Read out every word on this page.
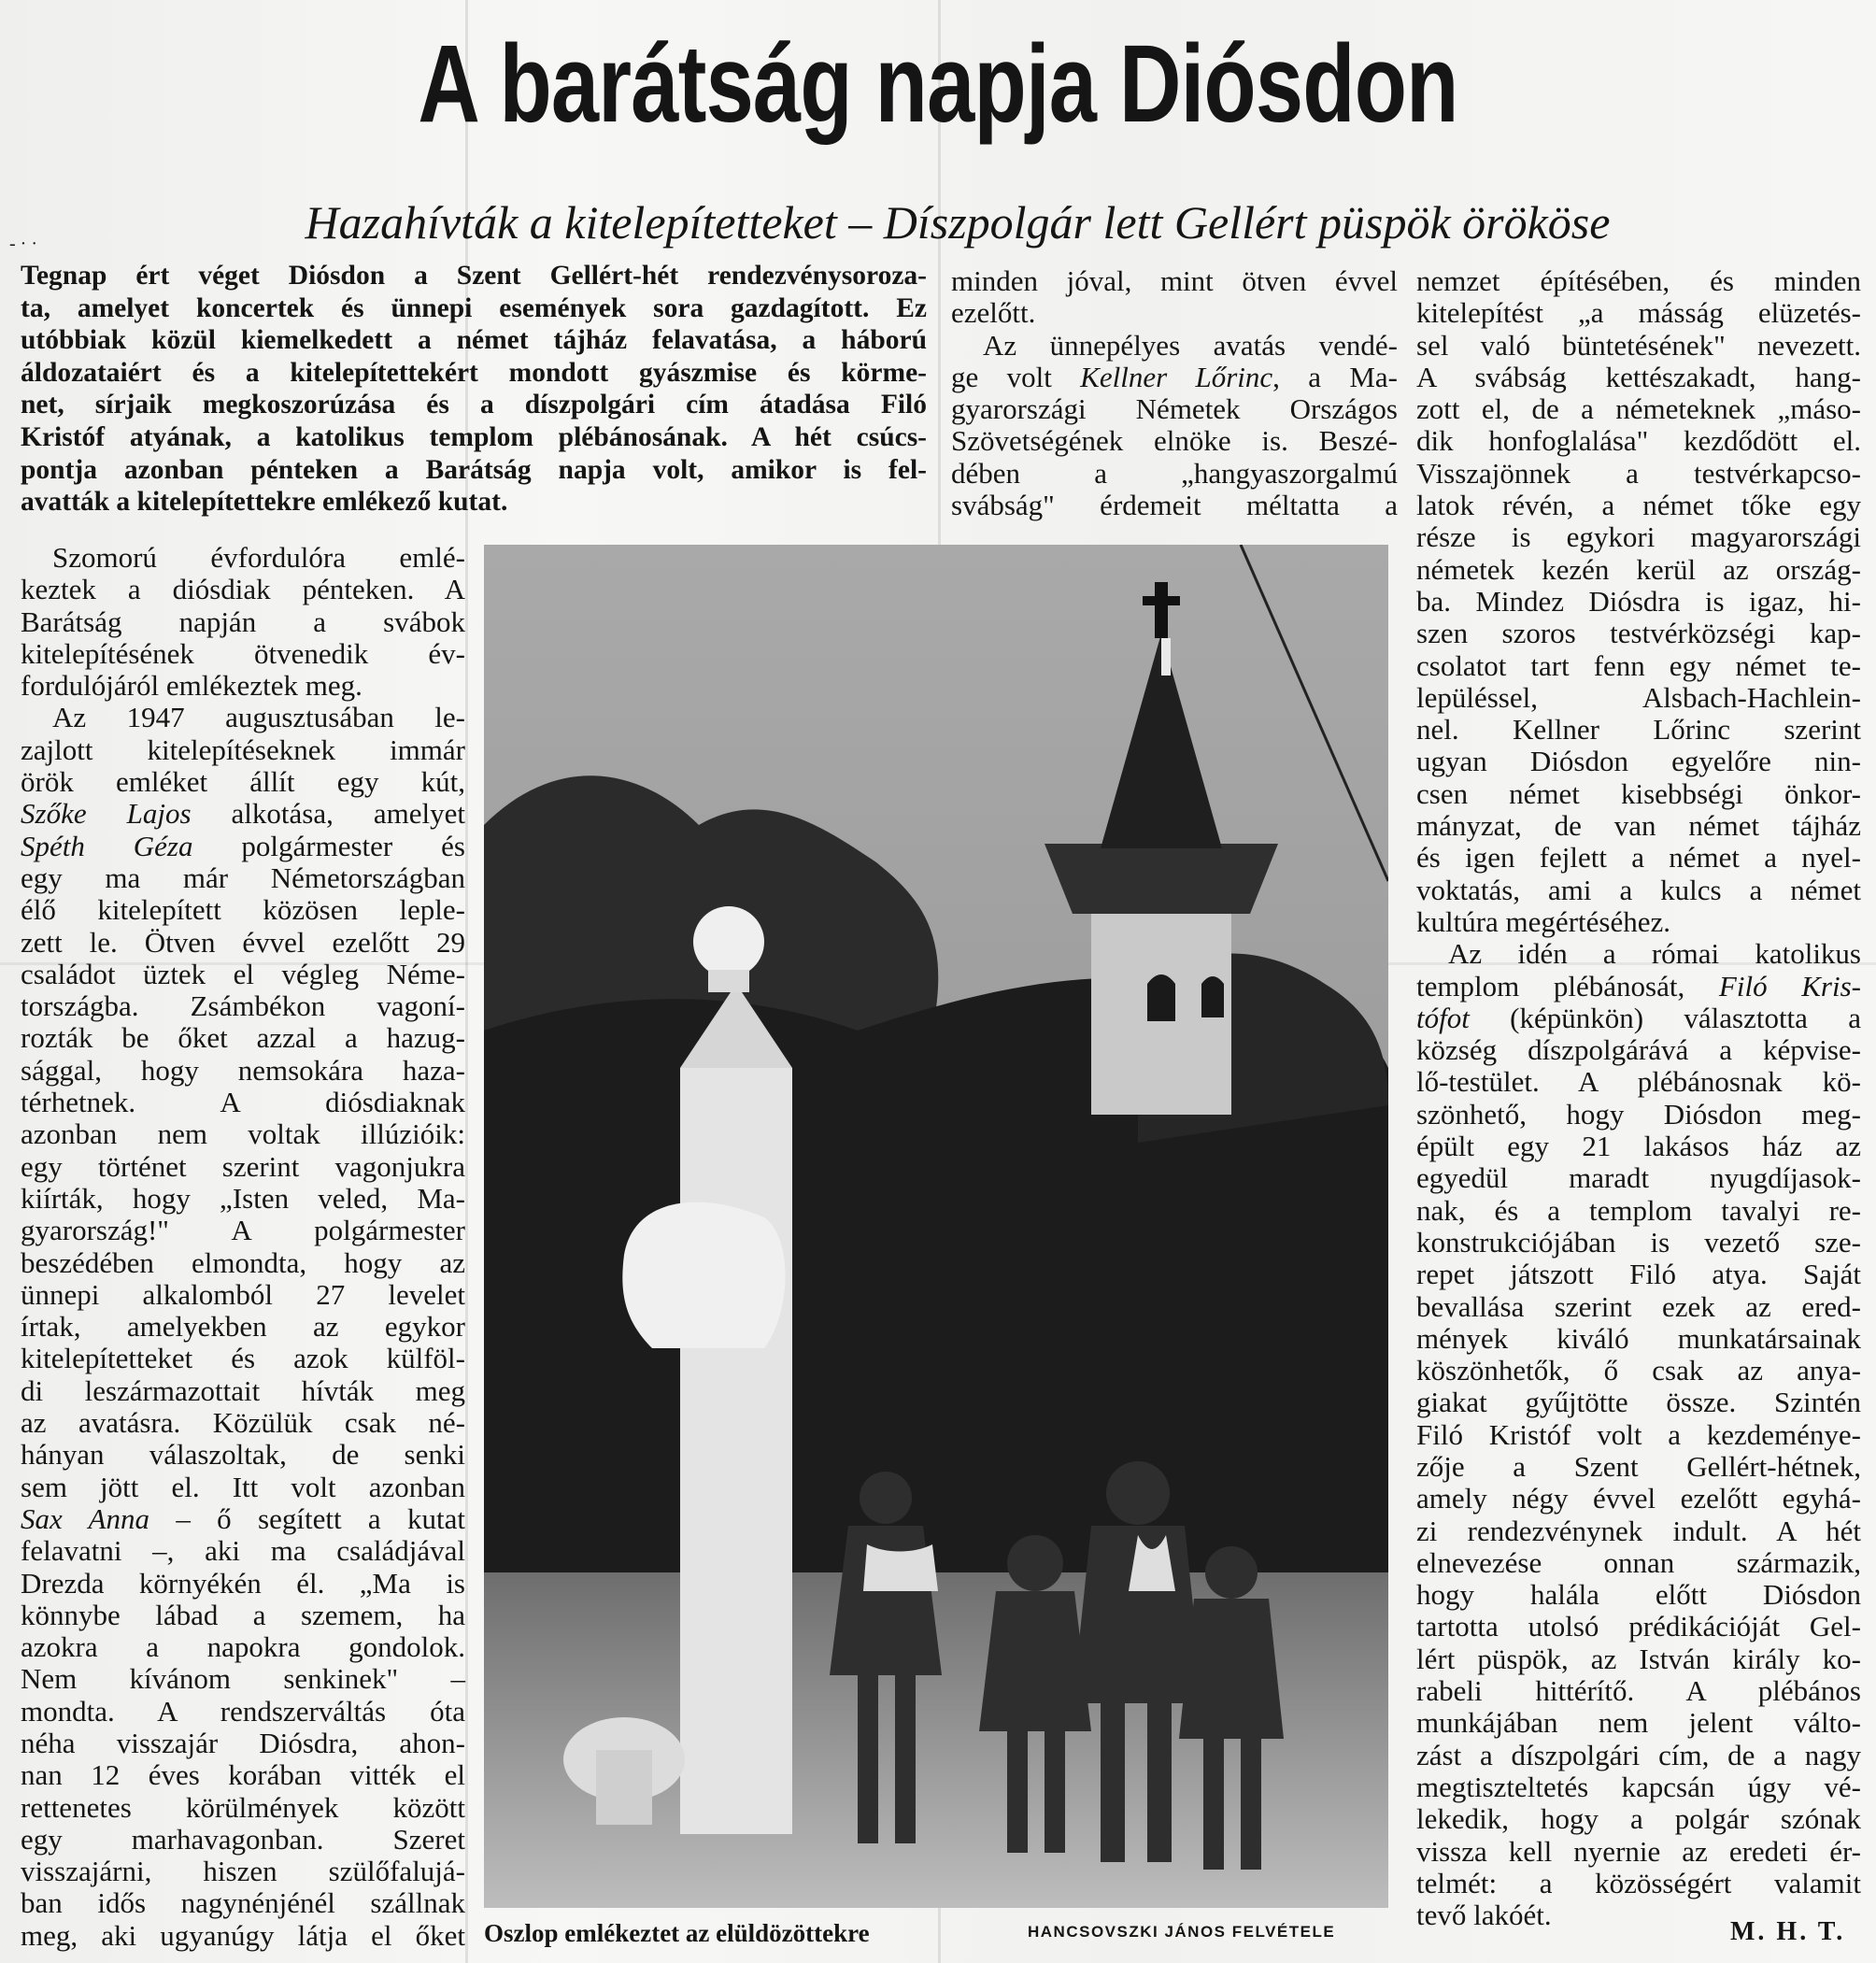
A barátság napja Diósdon
Hazahívták a kitelepítetteket – Díszpolgár lett Gellért püspök örököse
‐ · ·
Tegnap ért véget Diósdon a Szent Gellért-hét rendezvénysoroza-
ta, amelyet koncertek és ünnepi események sora gazdagított. Ez
utóbbiak közül kiemelkedett a német tájház felavatása, a háború
áldozataiért és a kitelepítettekért mondott gyászmise és körme-
net, sírjaik megkoszorúzása és a díszpolgári cím átadása Filó
Kristóf atyának, a katolikus templom plébánosának. A hét csúcs-
pontja azonban pénteken a Barátság napja volt, amikor is fel-
avatták a kitelepítettekre emlékező kutat.
Szomorú évfordulóra emlé-
keztek a diósdiak pénteken. A
Barátság napján a svábok
kitelepítésének ötvenedik év-
fordulójáról emlékeztek meg.
Az 1947 augusztusában le-
zajlott kitelepítéseknek immár
örök emléket állít egy kút,
Szőke Lajos alkotása, amelyet
Spéth Géza polgármester és
egy ma már Németországban
élő kitelepített közösen leple-
zett le. Ötven évvel ezelőtt 29
családot üztek el végleg Néme-
tországba. Zsámbékon vagoní-
rozták be őket azzal a hazug-
sággal, hogy nemsokára haza-
térhetnek. A diósdiaknak
azonban nem voltak illúzióik:
egy történet szerint vagonjukra
kiírták, hogy „Isten veled, Ma-
gyarország!" A polgármester
beszédében elmondta, hogy az
ünnepi alkalomból 27 levelet
írtak, amelyekben az egykor
kitelepítetteket és azok külföl-
di leszármazottait hívták meg
az avatásra. Közülük csak né-
hányan válaszoltak, de senki
sem jött el. Itt volt azonban
Sax Anna – ő segített a kutat
felavatni –, aki ma családjával
Drezda környékén él. „Ma is
könnybe lábad a szemem, ha
azokra a napokra gondolok.
Nem kívánom senkinek" –
mondta. A rendszerváltás óta
néha visszajár Diósdra, ahon-
nan 12 éves korában vitték el
rettenetes körülmények között
egy marhavagonban. Szeret
visszajárni, hiszen szülőfalujá-
ban idős nagynénjénél szállnak
meg, aki ugyanúgy látja el őket
minden jóval, mint ötven évvel
ezelőtt.
Az ünnepélyes avatás vendé-
ge volt Kellner Lőrinc, a Ma-
gyarországi Németek Országos
Szövetségének elnöke is. Beszé-
dében a „hangyaszorgalmú
svábság" érdemeit méltatta a
nemzet építésében, és minden
kitelepítést „a másság elüzetés-
sel való büntetésének" nevezett.
A svábság kettészakadt, hang-
zott el, de a németeknek „máso-
dik honfoglalása" kezdődött el.
Visszajönnek a testvérkapcso-
latok révén, a német tőke egy
része is egykori magyarországi
németek kezén kerül az ország-
ba. Mindez Diósdra is igaz, hi-
szen szoros testvérközségi kap-
csolatot tart fenn egy német te-
lepüléssel, Alsbach-Hachlein-
nel. Kellner Lőrinc szerint
ugyan Diósdon egyelőre nin-
csen német kisebbségi önkor-
mányzat, de van német tájház
és igen fejlett a német a nyel-
voktatás, ami a kulcs a német
kultúra megértéséhez.
Az idén a római katolikus
templom plébánosát, Filó Kris-
tófot (képünkön) választotta a
község díszpolgárává a képvise-
lő-testület. A plébánosnak kö-
szönhető, hogy Diósdon meg-
épült egy 21 lakásos ház az
egyedül maradt nyugdíjasok-
nak, és a templom tavalyi re-
konstrukciójában is vezető sze-
repet játszott Filó atya. Saját
bevallása szerint ezek az ered-
mények kiváló munkatársainak
köszönhetők, ő csak az anya-
giakat gyűjtötte össze. Szintén
Filó Kristóf volt a kezdeménye-
zője a Szent Gellért-hétnek,
amely négy évvel ezelőtt egyhá-
zi rendezvénynek indult. A hét
elnevezése onnan származik,
hogy halála előtt Diósdon
tartotta utolsó prédikációját Gel-
lért püspök, az István király ko-
rabeli hittérítő. A plébános
munkájában nem jelent válto-
zást a díszpolgári cím, de a nagy
megtiszteltetés kapcsán úgy vé-
lekedik, hogy a polgár szónak
vissza kell nyernie az eredeti ér-
telmét: a közösségért valamit
tevő lakóét.
Oszlop emlékeztet az elüldözöttekre	HANCSOVSZKI JÁNOS FELVÉTELE	M. H. T.
